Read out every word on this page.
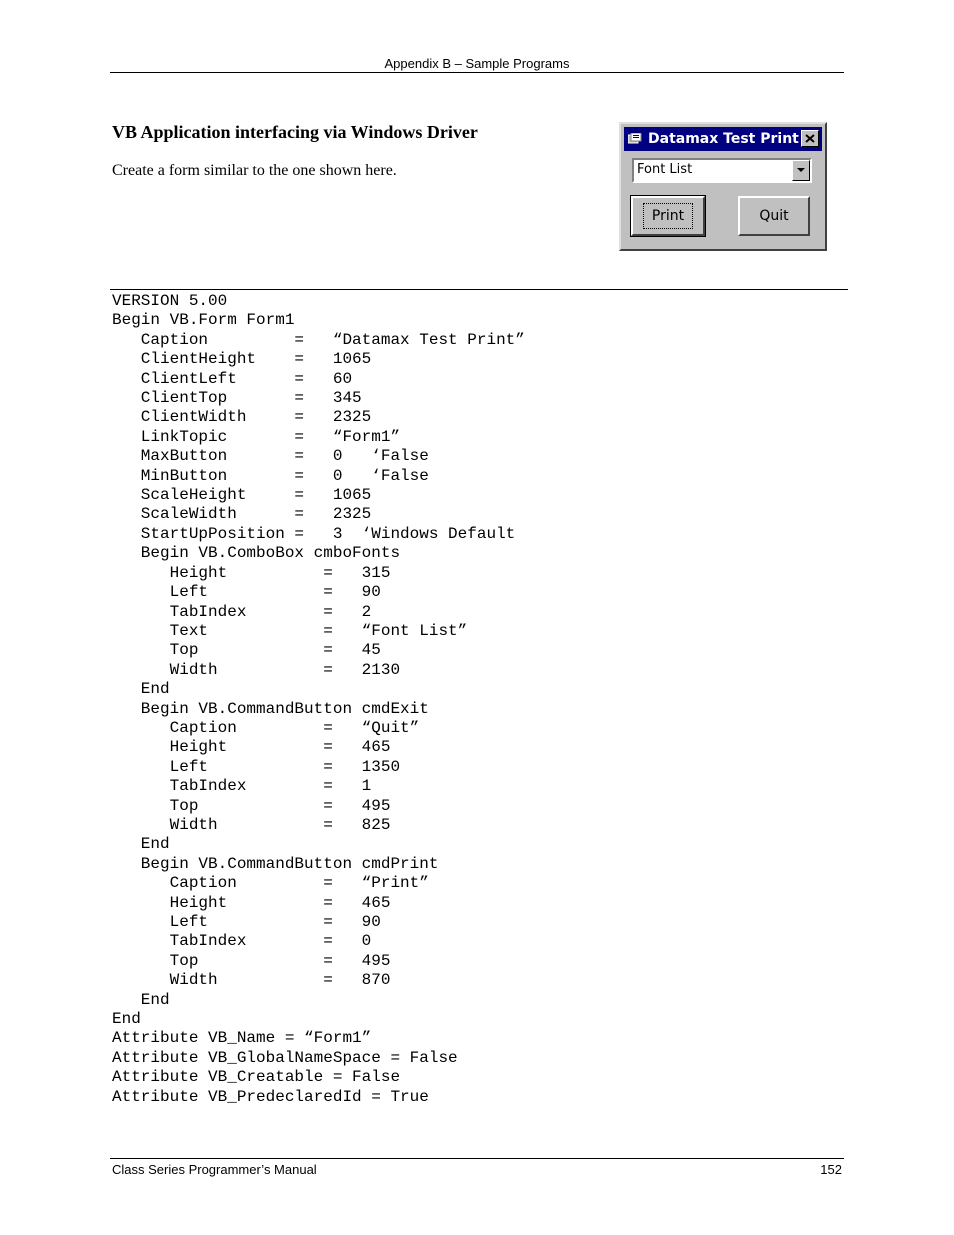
Appendix B – Sample Programs
VB Application interfacing via Windows Driver
Create a form similar to the one shown here.
Datamax Test Print
Font List
Print	Quit
VERSION 5.00
Begin VB.Form Form1
Caption         =   “Datamax Test Print”
ClientHeight    =   1065
ClientLeft      =   60
ClientTop       =   345
ClientWidth     =   2325
LinkTopic       =   “Form1”
MaxButton       =   0   ‘False
MinButton       =   0   ‘False
ScaleHeight     =   1065
ScaleWidth      =   2325
StartUpPosition =   3  ‘Windows Default
Begin VB.ComboBox cmboFonts
Height          =   315
Left            =   90
TabIndex        =   2
Text            =   “Font List”
Top             =   45
Width           =   2130
End
Begin VB.CommandButton cmdExit
Caption         =   “Quit”
Height          =   465
Left            =   1350
TabIndex        =   1
Top             =   495
Width           =   825
End
Begin VB.CommandButton cmdPrint
Caption         =   “Print”
Height          =   465
Left            =   90
TabIndex        =   0
Top             =   495
Width           =   870
End
End
Attribute VB_Name = “Form1”
Attribute VB_GlobalNameSpace = False
Attribute VB_Creatable = False
Attribute VB_PredeclaredId = True
Class Series Programmer’s Manual	152
